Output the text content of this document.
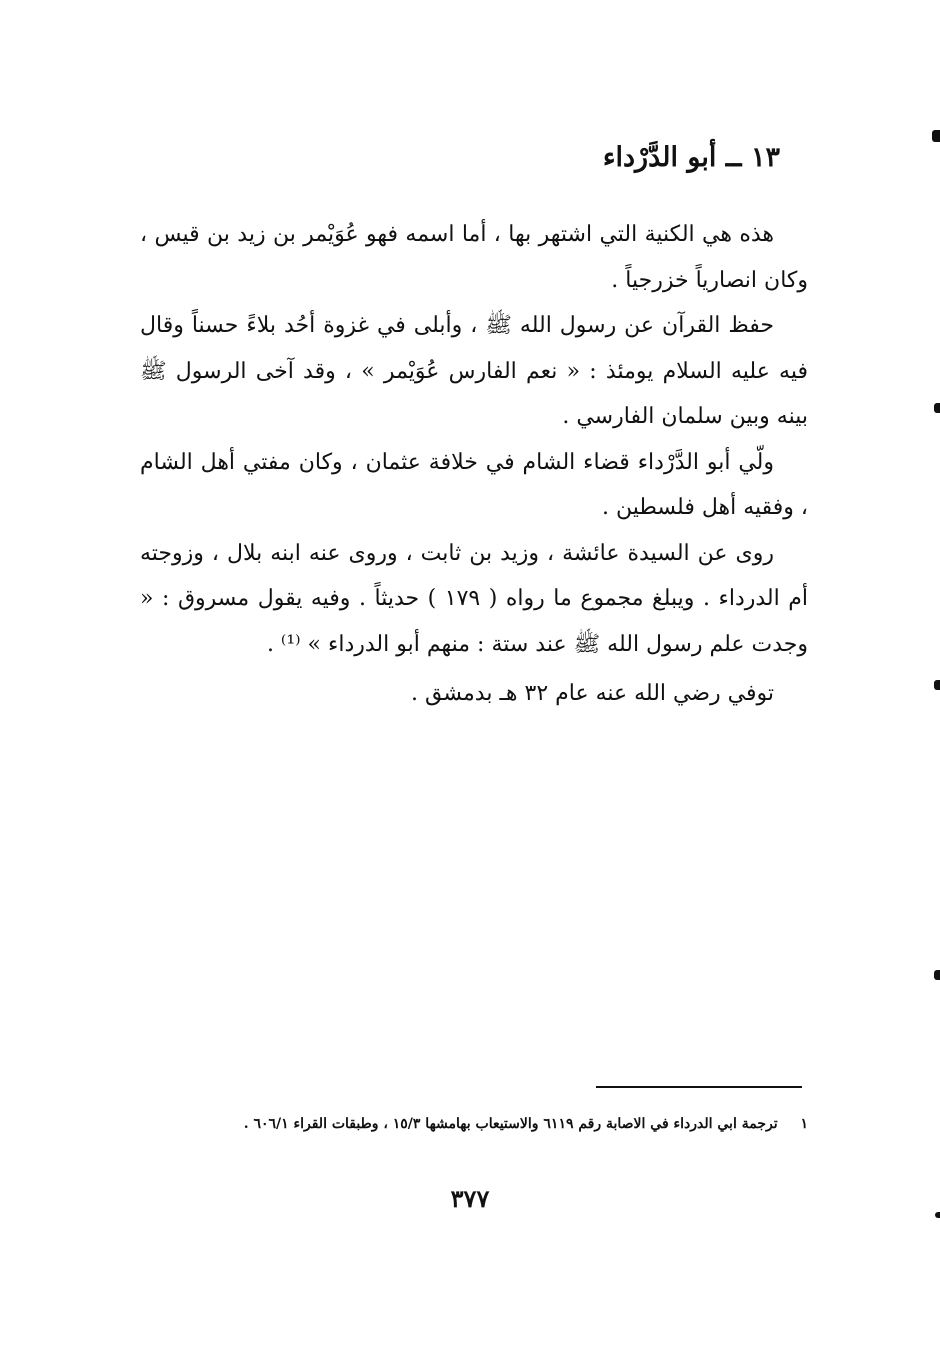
١٣ ــ أبو الدَّرْداء

هذه هي الكنية التي اشتهر بها ، أما اسمه فهو عُوَيْمر بن زيد بن قيس ، وكان انصارياً خزرجياً .

حفظ القرآن عن رسول الله ﷺ ، وأبلى في غزوة أحُد بلاءً حسناً وقال فيه عليه السلام يومئذ : « نعم الفارس عُوَيْمر » ، وقد آخى الرسول ﷺ بينه وبين سلمان الفارسي .

ولّي أبو الدَّرْداء قضاء الشام في خلافة عثمان ، وكان مفتي أهل الشام ، وفقيه أهل فلسطين .

روى عن السيدة عائشة ، وزيد بن ثابت ، وروى عنه ابنه بلال ، وزوجته أم الدرداء . ويبلغ مجموع ما رواه ( ١٧٩ ) حديثاً . وفيه يقول مسروق : « وجدت علم رسول الله ﷺ عند ستة : منهم أبو الدرداء » ⁽¹⁾ .

توفي رضي الله عنه عام ٣٢ هـ بدمشق .

١ ترجمة ابي الدرداء في الاصابة رقم ٦١١٩ والاستيعاب بهامشها ١٥/٣ ، وطبقات القراء ٦٠٦/١ .
٣٧٧
